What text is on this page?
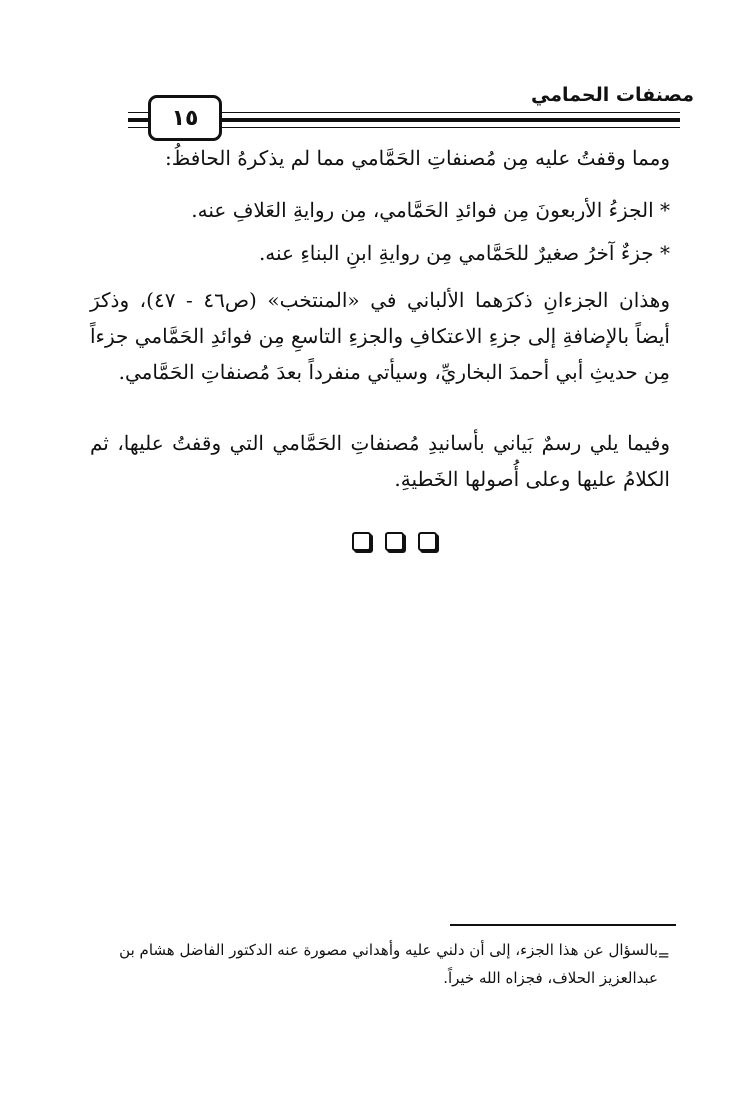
مصنفات الحمامي
١٥
ومما وقفتُ عليه مِن مُصنفاتِ الحَمَّامي مما لم يذكرهُ الحافظُ:
* الجزءُ الأربعونَ مِن فوائدِ الحَمَّامي، مِن روايةِ العَلافِ عنه.
* جزءٌ آخرُ صغيرٌ للحَمَّامي مِن روايةِ ابنِ البناءِ عنه.
وهذان الجزءانِ ذكرَهما الألباني في «المنتخب» (ص٤٦ - ٤٧)، وذكرَ أيضاً بالإضافةِ إلى جزءِ الاعتكافِ والجزءِ التاسعِ مِن فوائدِ الحَمَّامي جزءاً مِن حديثِ أبي أحمدَ البخاريِّ، وسيأتي منفرداً بعدَ مُصنفاتِ الحَمَّامي.
وفيما يلي رسمٌ بَياني بأسانيدِ مُصنفاتِ الحَمَّامي التي وقفتُ عليها، ثم الكلامُ عليها وعلى أُصولها الخَطيةِ.
=
بالسؤال عن هذا الجزء، إلى أن دلني عليه وأهداني مصورة عنه الدكتور الفاضل هشام بن عبدالعزيز الحلاف، فجزاه الله خيراً.
